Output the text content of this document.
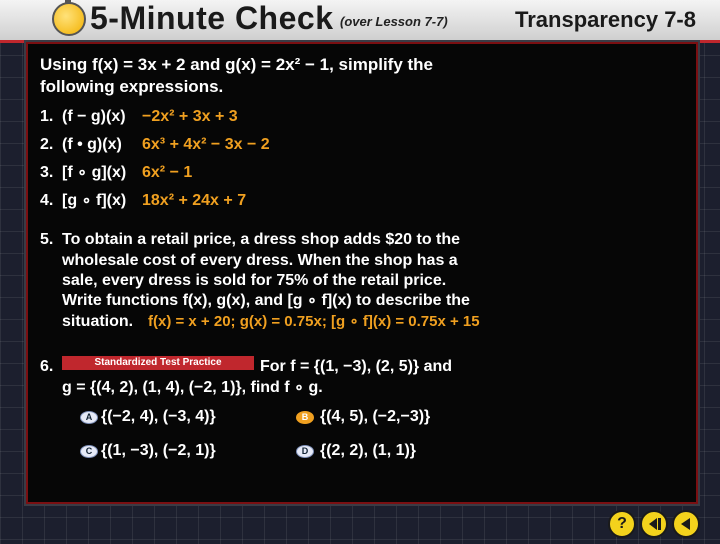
5-Minute Check (over Lesson 7-7)	Transparency 7-8
Using f(x) = 3x + 2 and g(x) = 2x² − 1, simplify the
following expressions.
1. (f − g)(x) −2x² + 3x + 3
2. (f • g)(x) 6x³ + 4x² − 3x − 2
3. [f ∘ g](x) 6x² − 1
4. [g ∘ f](x) 18x² + 24x + 7
5. To obtain a retail price, a dress shop adds $20 to the
wholesale cost of every dress. When the shop has a
sale, every dress is sold for 75% of the retail price.
Write functions f(x), g(x), and [g ∘ f](x) to describe the
situation. f(x) = x + 20; g(x) = 0.75x; [g ∘ f](x) = 0.75x + 15
6.	Standardized Test Practice	For f = {(1, −3), (2, 5)} and
g = {(4, 2), (1, 4), (−2, 1)}, find f ∘ g.
A {(−2, 4), (−3, 4)}	B {(4, 5), (−2,−3)}
C {(1, −3), (−2, 1)}	D {(2, 2), (1, 1)}
?
